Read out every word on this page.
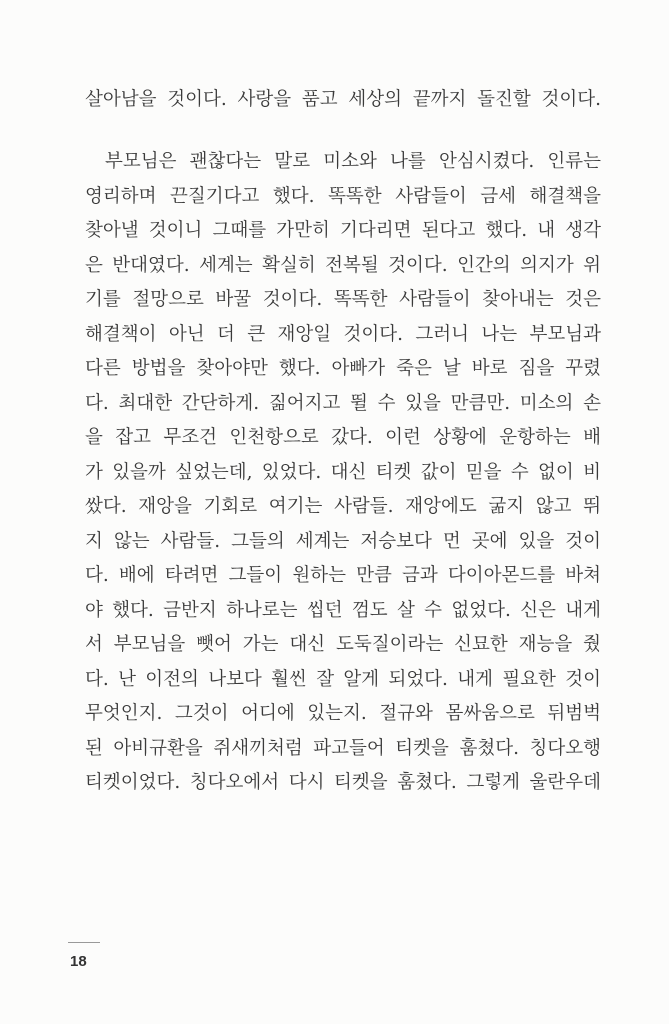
살아남을 것이다. 사랑을 품고 세상의 끝까지 돌진할 것이다.
부모님은 괜찮다는 말로 미소와 나를 안심시켰다. 인류는
영리하며 끈질기다고 했다. 똑똑한 사람들이 금세 해결책을
찾아낼 것이니 그때를 가만히 기다리면 된다고 했다. 내 생각
은 반대였다. 세계는 확실히 전복될 것이다. 인간의 의지가 위
기를 절망으로 바꿀 것이다. 똑똑한 사람들이 찾아내는 것은
해결책이 아닌 더 큰 재앙일 것이다. 그러니 나는 부모님과
다른 방법을 찾아야만 했다. 아빠가 죽은 날 바로 짐을 꾸렸
다. 최대한 간단하게. 짊어지고 뛸 수 있을 만큼만. 미소의 손
을 잡고 무조건 인천항으로 갔다. 이런 상황에 운항하는 배
가 있을까 싶었는데, 있었다. 대신 티켓 값이 믿을 수 없이 비
쌌다. 재앙을 기회로 여기는 사람들. 재앙에도 굶지 않고 뛰
지 않는 사람들. 그들의 세계는 저승보다 먼 곳에 있을 것이
다. 배에 타려면 그들이 원하는 만큼 금과 다이아몬드를 바쳐
야 했다. 금반지 하나로는 씹던 껌도 살 수 없었다. 신은 내게
서 부모님을 뺏어 가는 대신 도둑질이라는 신묘한 재능을 줬
다. 난 이전의 나보다 훨씬 잘 알게 되었다. 내게 필요한 것이
무엇인지. 그것이 어디에 있는지. 절규와 몸싸움으로 뒤범벅
된 아비규환을 쥐새끼처럼 파고들어 티켓을 훔쳤다. 칭다오행
티켓이었다. 칭다오에서 다시 티켓을 훔쳤다. 그렇게 울란우데
18
